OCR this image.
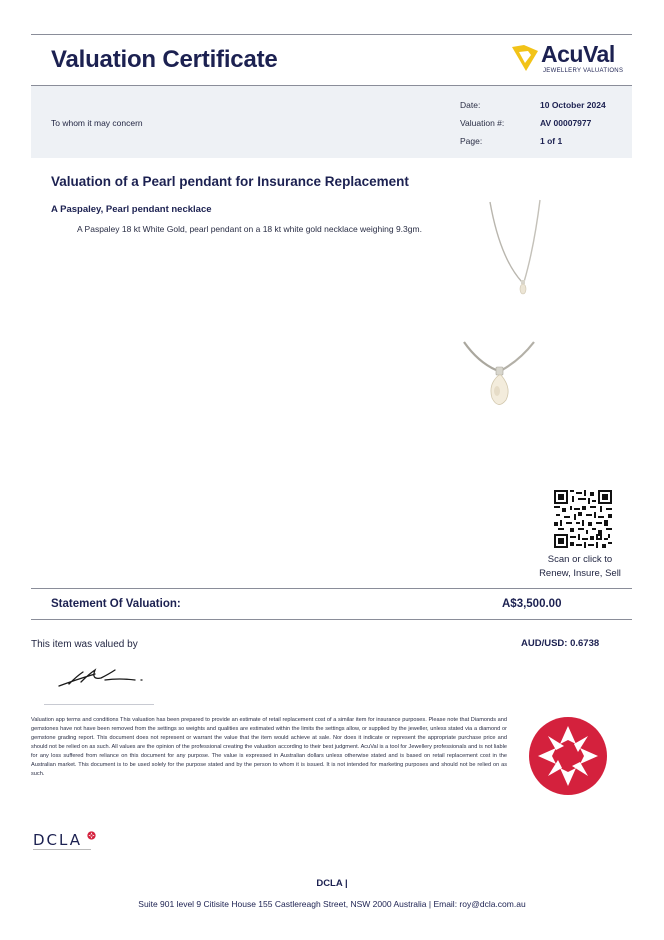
Valuation Certificate	AcuVal
JEWELLERY VALUATIONS
To whom it may concern
Date:	10 October 2024
Valuation #:	AV 00007977
Page:	1 of 1
Valuation of a Pearl pendant for Insurance Replacement
A Paspaley, Pearl pendant necklace
A Paspaley 18 kt White Gold, pearl pendant on a 18 kt white gold necklace weighing 9.3gm.
Scan or click to
Renew, Insure, Sell
Statement Of Valuation:	A$3,500.00
This item was valued by	AUD/USD: 0.6738
Valuation app terms and conditions This valuation has been prepared to provide an estimate of retail replacement cost of a similar item for insurance purposes. Please note that Diamonds and gemstones have not have been removed from the settings so weights and qualities are estimated within the limits the settings allow, or supplied by the jeweller, unless stated via a diamond or gemstone grading report. This document does not represent or warrant the value that the item would achieve at sale. Nor does it indicate or represent the appropriate purchase price and should not be relied on as such. All values are the opinion of the professional creating the valuation according to their best judgment. AcuVal is a tool for Jewellery professionals and is not liable for any loss suffered from reliance on this document for any purpose. The value is expressed in Australian dollars unless otherwise stated and is based on retail replacement cost in the Australian market. This document is to be used solely for the purpose stated and by the person to whom it is issued. It is not intended for marketing purposes and should not be relied on as such.
DCLA
DCLA |
Suite 901 level 9 Citisite House 155 Castlereagh Street, NSW 2000 Australia | Email: roy@dcla.com.au
